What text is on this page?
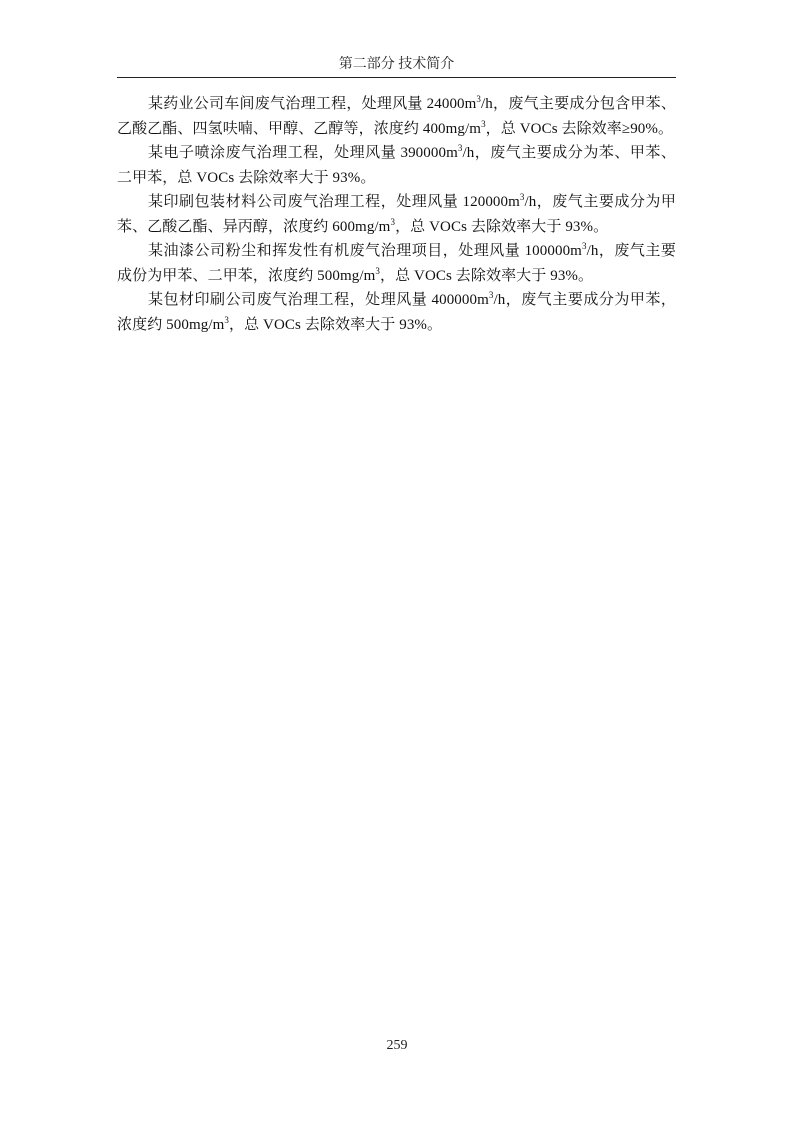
第二部分 技术简介

某药业公司车间废气治理工程，处理风量 $24000m^3/h$，废气主要成分包含甲苯、乙酸乙酯、四氢呋喃、甲醇、乙醇等，浓度约 $400mg/m^3$，总 VOCs 去除效率≥90%。

某电子喷涂废气治理工程，处理风量 $390000m^3/h$，废气主要成分为苯、甲苯、二甲苯，总 VOCs 去除效率大于 93%。

某印刷包装材料公司废气治理工程，处理风量 $120000m^3/h$，废气主要成分为甲苯、乙酸乙酯、异丙醇，浓度约 $600mg/m^3$，总 VOCs 去除效率大于 93%。

某油漆公司粉尘和挥发性有机废气治理项目，处理风量 $100000m^3/h$，废气主要成份为甲苯、二甲苯，浓度约 $500mg/m^3$，总 VOCs 去除效率大于 93%。

某包材印刷公司废气治理工程，处理风量 $400000m^3/h$，废气主要成分为甲苯，浓度约 $500mg/m^3$，总 VOCs 去除效率大于 93%。

259
